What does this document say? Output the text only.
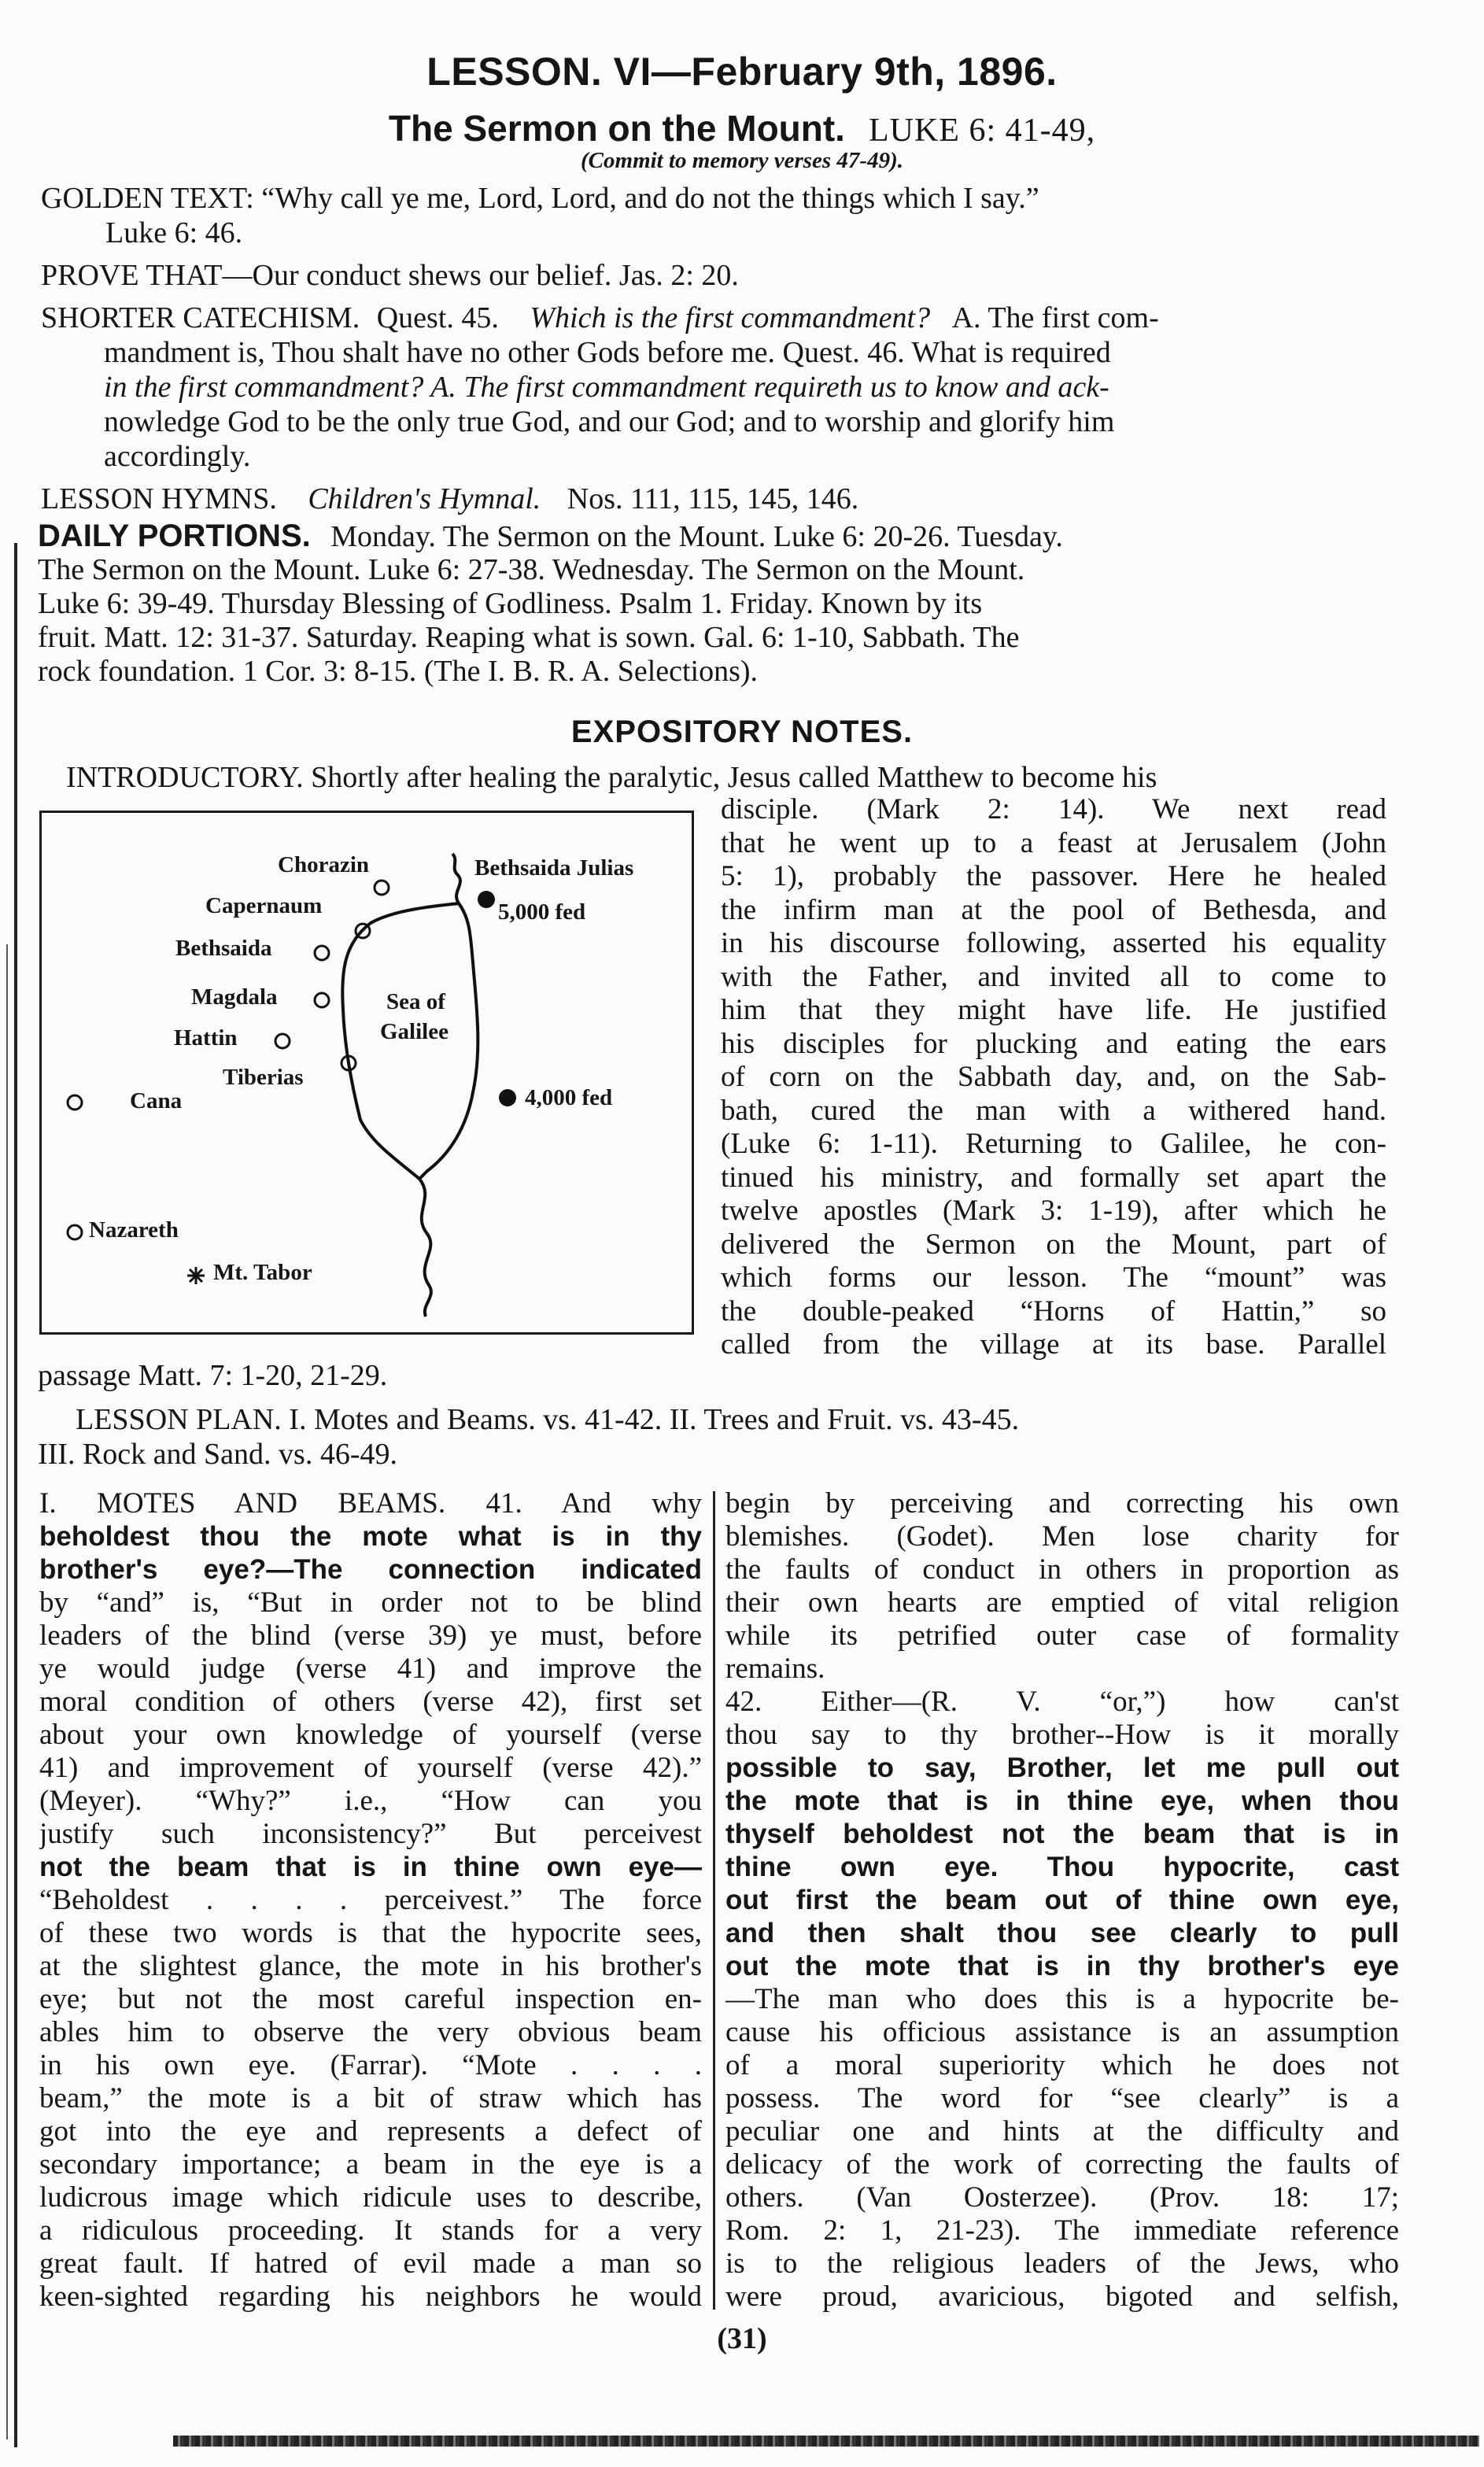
LESSON. VI—February 9th, 1896.
The Sermon on the Mount. LUKE 6: 41-49,
(Commit to memory verses 47-49).
GOLDEN TEXT: “Why call ye me, Lord, Lord, and do not the things which I say.”
Luke 6: 46.
PROVE THAT—Our conduct shews our belief. Jas. 2: 20.
SHORTER CATECHISM. Quest. 45. Which is the first commandment? A. The first com-
mandment is, Thou shalt have no other Gods before me. Quest. 46. What is required
in the first commandment? A. The first commandment requireth us to know and ack-
nowledge God to be the only true God, and our God; and to worship and glorify him
accordingly.
LESSON HYMNS. Children's Hymnal. Nos. 111, 115, 145, 146.
DAILY PORTIONS. Monday. The Sermon on the Mount. Luke 6: 20-26. Tuesday.
The Sermon on the Mount. Luke 6: 27-38. Wednesday. The Sermon on the Mount.
Luke 6: 39-49. Thursday Blessing of Godliness. Psalm 1. Friday. Known by its
fruit. Matt. 12: 31-37. Saturday. Reaping what is sown. Gal. 6: 1-10, Sabbath. The
rock foundation. 1 Cor. 3: 8-15. (The I. B. R. A. Selections).
EXPOSITORY NOTES.
INTRODUCTORY. Shortly after healing the paralytic, Jesus called Matthew to become his
disciple. (Mark 2: 14). We next read
that he went up to a feast at Jerusalem (John
5: 1), probably the passover. Here he healed
the infirm man at the pool of Bethesda, and
in his discourse following, asserted his equality
with the Father, and invited all to come to
him that they might have life. He justified
his disciples for plucking and eating the ears
of corn on the Sabbath day, and, on the Sab-
bath, cured the man with a withered hand.
(Luke 6: 1-11). Returning to Galilee, he con-
tinued his ministry, and formally set apart the
twelve apostles (Mark 3: 1-19), after which he
delivered the Sermon on the Mount, part of
which forms our lesson. The “mount” was
the double-peaked “Horns of Hattin,” so
called from the village at its base. Parallel
passage Matt. 7: 1-20, 21-29.
Chorazin	Bethsaida Julias
Capernaum	5,000 fed
Bethsaida
Magdala	Sea of
Galilee
Hattin
Tiberias
Cana	4,000 fed
Nazareth
Mt. Tabor
LESSON PLAN. I. Motes and Beams. vs. 41-42. II. Trees and Fruit. vs. 43-45.
III. Rock and Sand. vs. 46-49.
I. MOTES AND BEAMS. 41. And why
beholdest thou the mote what is in thy
brother's eye?—The connection indicated
by “and” is, “But in order not to be blind
leaders of the blind (verse 39) ye must, before
ye would judge (verse 41) and improve the
moral condition of others (verse 42), first set
about your own knowledge of yourself (verse
41) and improvement of yourself (verse 42).”
(Meyer). “Why?” i.e., “How can you
justify such inconsistency?” But perceivest
not the beam that is in thine own eye—
“Beholdest . . . . perceivest.” The force
of these two words is that the hypocrite sees,
at the slightest glance, the mote in his brother's
eye; but not the most careful inspection en-
ables him to observe the very obvious beam
in his own eye. (Farrar). “Mote . . . .
beam,” the mote is a bit of straw which has
got into the eye and represents a defect of
secondary importance; a beam in the eye is a
ludicrous image which ridicule uses to describe,
a ridiculous proceeding. It stands for a very
great fault. If hatred of evil made a man so
keen-sighted regarding his neighbors he would
begin by perceiving and correcting his own
blemishes. (Godet). Men lose charity for
the faults of conduct in others in proportion as
their own hearts are emptied of vital religion
while its petrified outer case of formality
remains.
42. Either—(R. V. “or,”) how can'st
thou say to thy brother--How is it morally
possible to say, Brother, let me pull out
the mote that is in thine eye, when thou
thyself beholdest not the beam that is in
thine own eye. Thou hypocrite, cast
out first the beam out of thine own eye,
and then shalt thou see clearly to pull
out the mote that is in thy brother's eye
—The man who does this is a hypocrite be-
cause his officious assistance is an assumption
of a moral superiority which he does not
possess. The word for “see clearly” is a
peculiar one and hints at the difficulty and
delicacy of the work of correcting the faults of
others. (Van Oosterzee). (Prov. 18: 17;
Rom. 2: 1, 21-23). The immediate reference
is to the religious leaders of the Jews, who
were proud, avaricious, bigoted and selfish,
(31)
